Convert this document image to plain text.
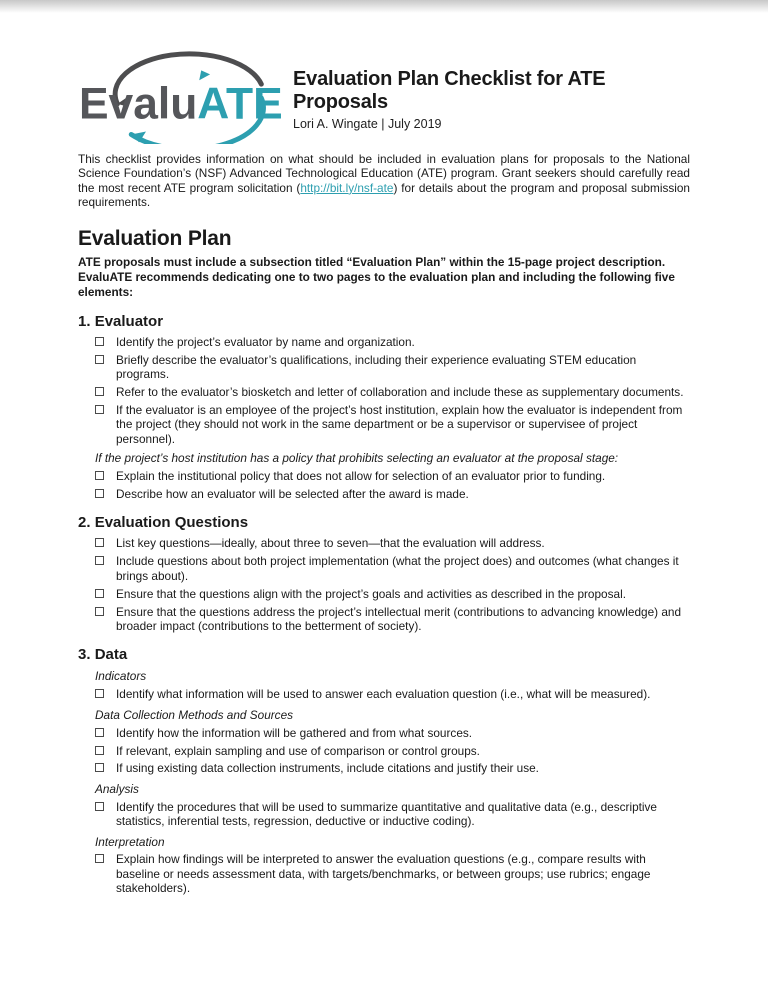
EvaluATE
Evaluation Plan Checklist for ATE Proposals
Lori A. Wingate | July 2019

This checklist provides information on what should be included in evaluation plans for proposals to the National Science Foundation’s (NSF) Advanced Technological Education (ATE) program. Grant seekers should carefully read the most recent ATE program solicitation (http://bit.ly/nsf-ate) for details about the program and proposal submission requirements.

Evaluation Plan

ATE proposals must include a subsection titled “Evaluation Plan” within the 15-page project description. EvaluATE recommends dedicating one to two pages to the evaluation plan and including the following five elements:

1. Evaluator
Identify the project’s evaluator by name and organization.
Briefly describe the evaluator’s qualifications, including their experience evaluating STEM education programs.
Refer to the evaluator’s biosketch and letter of collaboration and include these as supplementary documents.
If the evaluator is an employee of the project’s host institution, explain how the evaluator is independent from the project (they should not work in the same department or be a supervisor or supervisee of project personnel).

If the project’s host institution has a policy that prohibits selecting an evaluator at the proposal stage:

Explain the institutional policy that does not allow for selection of an evaluator prior to funding.
Describe how an evaluator will be selected after the award is made.
2. Evaluation Questions
List key questions—ideally, about three to seven—that the evaluation will address.
Include questions about both project implementation (what the project does) and outcomes (what changes it brings about).
Ensure that the questions align with the project’s goals and activities as described in the proposal.
Ensure that the questions address the project’s intellectual merit (contributions to advancing knowledge) and broader impact (contributions to the betterment of society).
3. Data

Indicators

Identify what information will be used to answer each evaluation question (i.e., what will be measured).

Data Collection Methods and Sources

Identify how the information will be gathered and from what sources.
If relevant, explain sampling and use of comparison or control groups.
If using existing data collection instruments, include citations and justify their use.

Analysis

Identify the procedures that will be used to summarize quantitative and qualitative data (e.g., descriptive statistics, inferential tests, regression, deductive or inductive coding).

Interpretation

Explain how findings will be interpreted to answer the evaluation questions (e.g., compare results with baseline or needs assessment data, with targets/benchmarks, or between groups; use rubrics; engage stakeholders).
